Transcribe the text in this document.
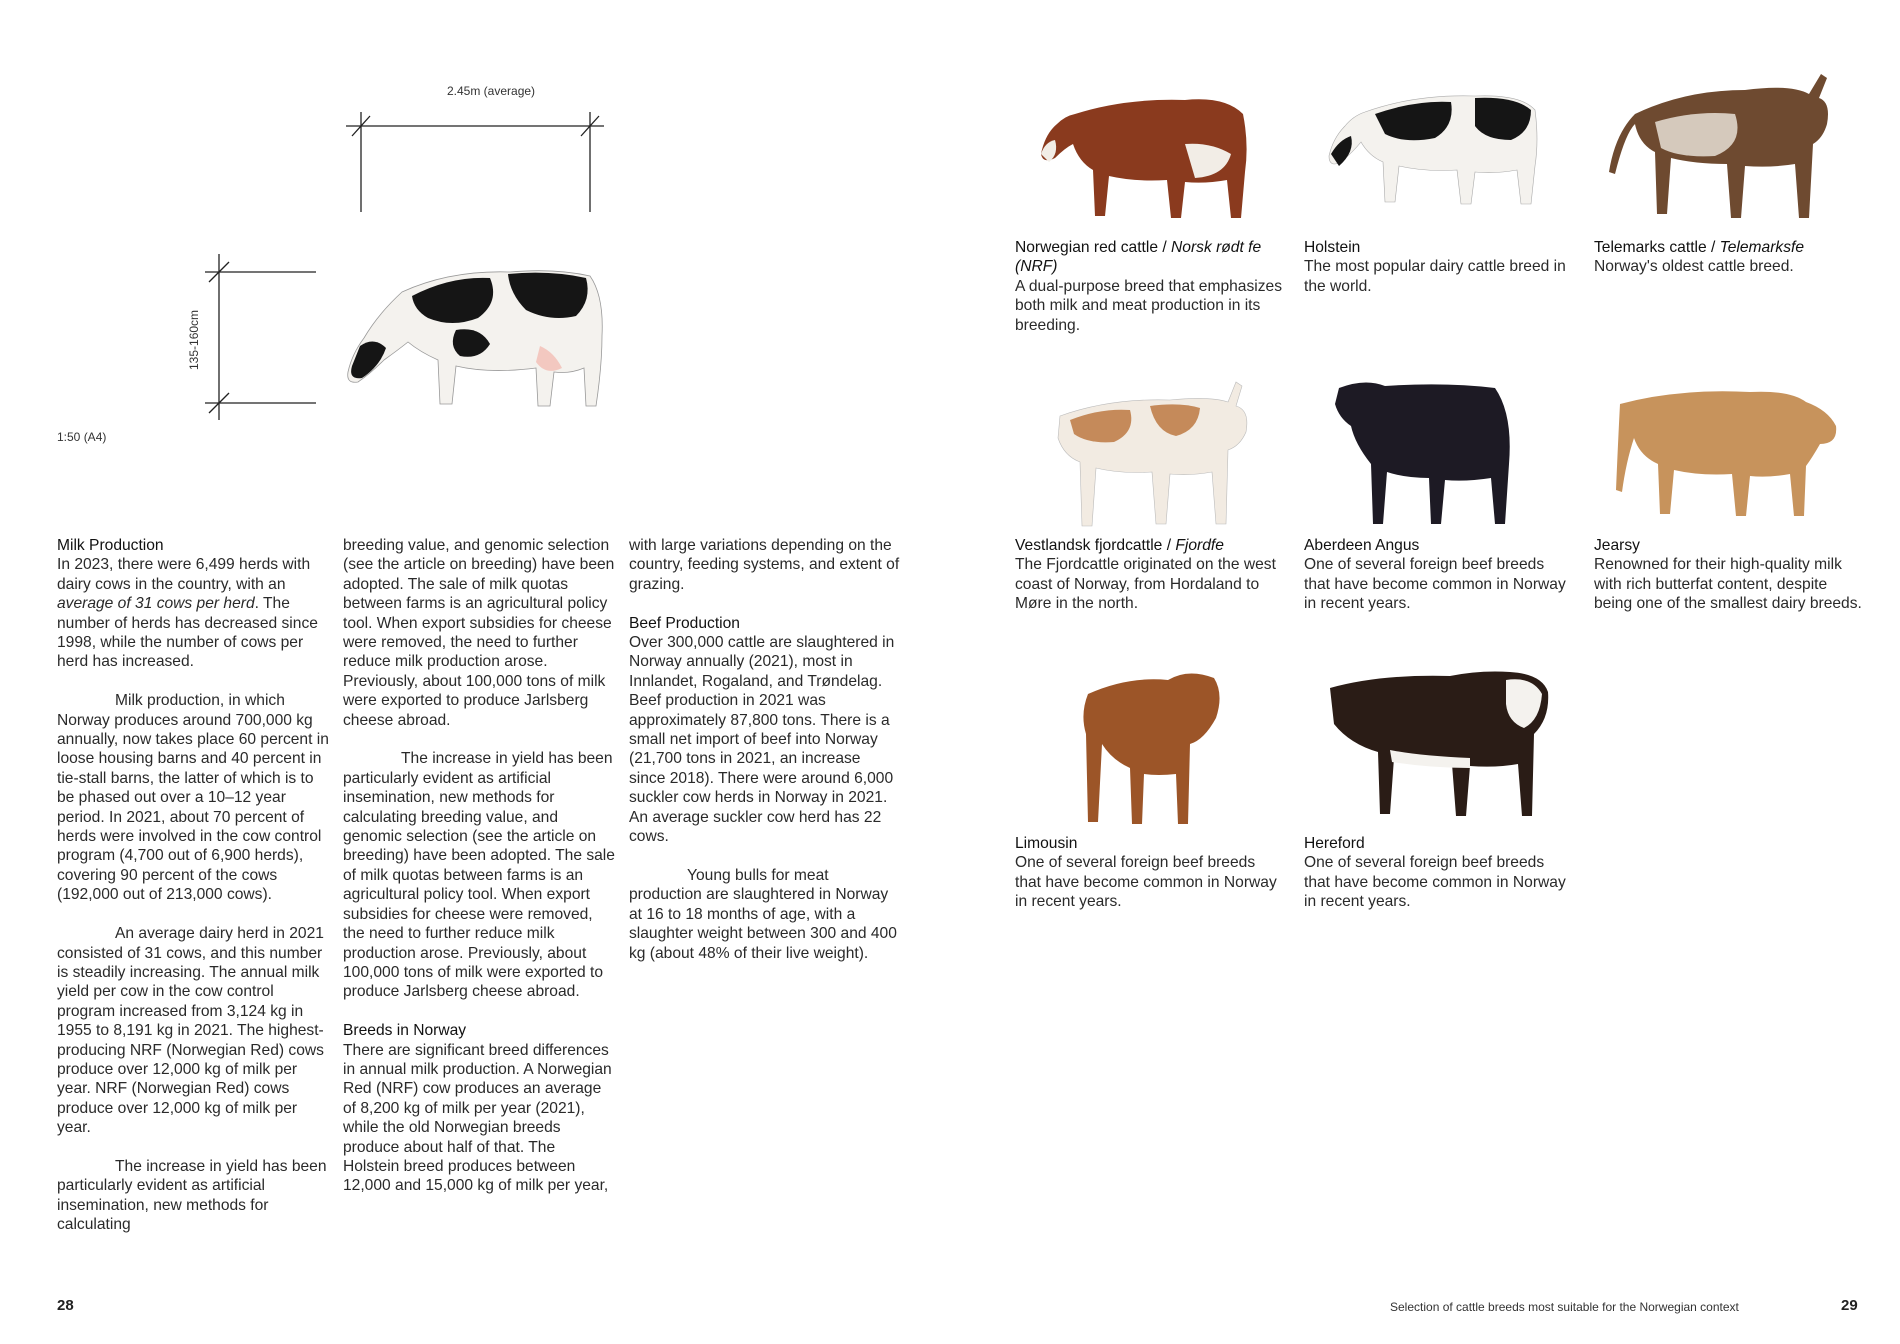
2.45m (average)
135-160cm
1:50 (A4)

Milk Production

In 2023, there were 6,499 herds with dairy cows in the country, with an average of 31 cows per herd. The number of herds has decreased since 1998, while the number of cows per herd has increased.

Milk production, in which Norway produces around 700,000 kg annually, now takes place 60 percent in loose housing barns and 40 percent in tie-stall barns, the latter of which is to be phased out over a 10–12 year period. In 2021, about 70 percent of herds were involved in the cow control program (4,700 out of 6,900 herds), covering 90 percent of the cows (192,000 out of 213,000 cows).

An average dairy herd in 2021 consisted of 31 cows, and this number is steadily increasing. The annual milk yield per cow in the cow control program increased from 3,124 kg in 1955 to 8,191 kg in 2021. The highest-producing NRF (Norwegian Red) cows produce over 12,000 kg of milk per year. NRF (Norwegian Red) cows produce over 12,000 kg of milk per year.

The increase in yield has been particularly evident as artificial insemination, new methods for calculating

breeding value, and genomic selection (see the article on breeding) have been adopted. The sale of milk quotas between farms is an agricultural policy tool. When export subsidies for cheese were removed, the need to further reduce milk production arose. Previously, about 100,000 tons of milk were exported to produce Jarlsberg cheese abroad.

The increase in yield has been particularly evident as artificial insemination, new methods for calculating breeding value, and genomic selection (see the article on breeding) have been adopted. The sale of milk quotas between farms is an agricultural policy tool. When export subsidies for cheese were removed, the need to further reduce milk production arose. Previously, about 100,000 tons of milk were exported to produce Jarlsberg cheese abroad.

Breeds in Norway

There are significant breed differences in annual milk production. A Norwegian Red (NRF) cow produces an average of 8,200 kg of milk per year (2021), while the old Norwegian breeds produce about half of that. The Holstein breed produces between 12,000 and 15,000 kg of milk per year,

with large variations depending on the country, feeding systems, and extent of grazing.

Beef Production

Over 300,000 cattle are slaughtered in Norway annually (2021), most in Innlandet, Rogaland, and Trøndelag. Beef production in 2021 was approximately 87,800 tons. There is a small net import of beef into Norway (21,700 tons in 2021, an increase since 2018). There were around 6,000 suckler cow herds in Norway in 2021. An average suckler cow herd has 22 cows.

Young bulls for meat production are slaughtered in Norway at 16 to 18 months of age, with a slaughter weight between 300 and 400 kg (about 48% of their live weight).

Norwegian red cattle / Norsk rødt fe (NRF)
A dual-purpose breed that emphasizes both milk and meat production in its breeding.
Holstein
The most popular dairy cattle breed in the world.
Telemarks cattle / Telemarksfe
Norway's oldest cattle breed.
Vestlandsk fjordcattle / Fjordfe
The Fjordcattle originated on the west coast of Norway, from Hordaland to Møre in the north.
Aberdeen Angus
One of several foreign beef breeds that have become common in Norway in recent years.
Jearsy
Renowned for their high-quality milk with rich butterfat content, despite being one of the smallest dairy breeds.
Limousin
One of several foreign beef breeds that have become common in Norway in recent years.
Hereford
One of several foreign beef breeds that have become common in Norway in recent years.
28	Selection of cattle breeds most suitable for the Norwegian context	29
